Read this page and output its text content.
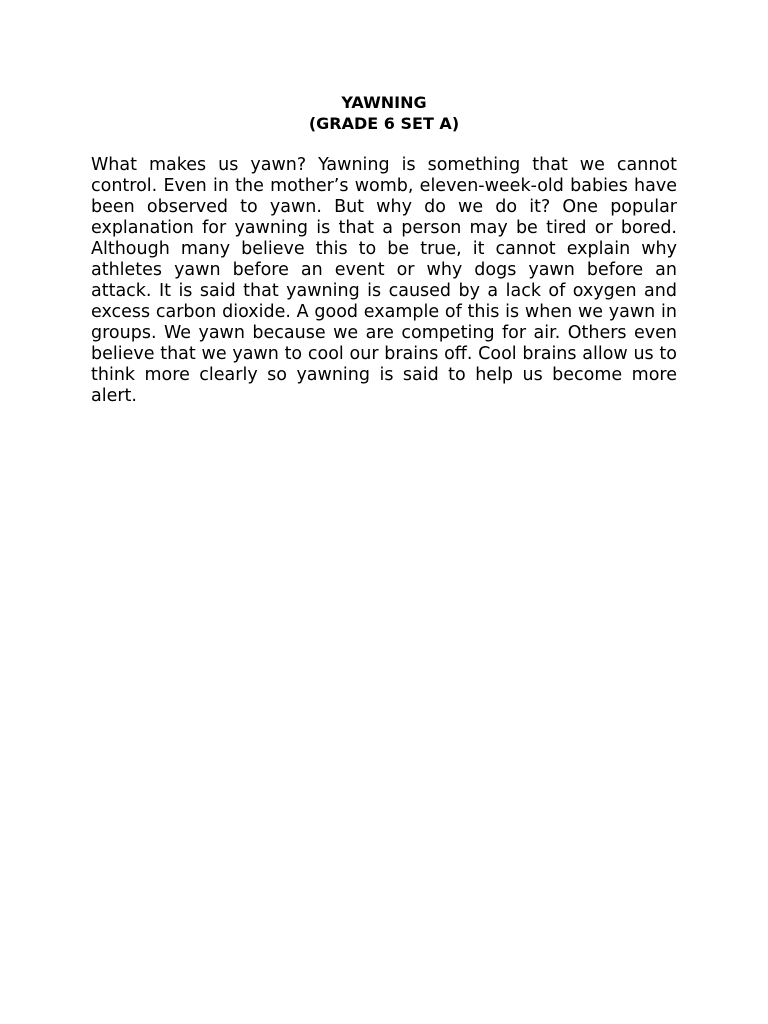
YAWNING
(GRADE 6 SET A)

What makes us yawn? Yawning is something that we cannot control. Even in the mother’s womb, eleven-week-old babies have been observed to yawn. But why do we do it? One popular explanation for yawning is that a person may be tired or bored. Although many believe this to be true, it cannot explain why athletes yawn before an event or why dogs yawn before an attack. It is said that yawning is caused by a lack of oxygen and excess carbon dioxide. A good example of this is when we yawn in groups. We yawn because we are competing for air. Others even believe that we yawn to cool our brains off. Cool brains allow us to think more clearly so yawning is said to help us become more alert.
